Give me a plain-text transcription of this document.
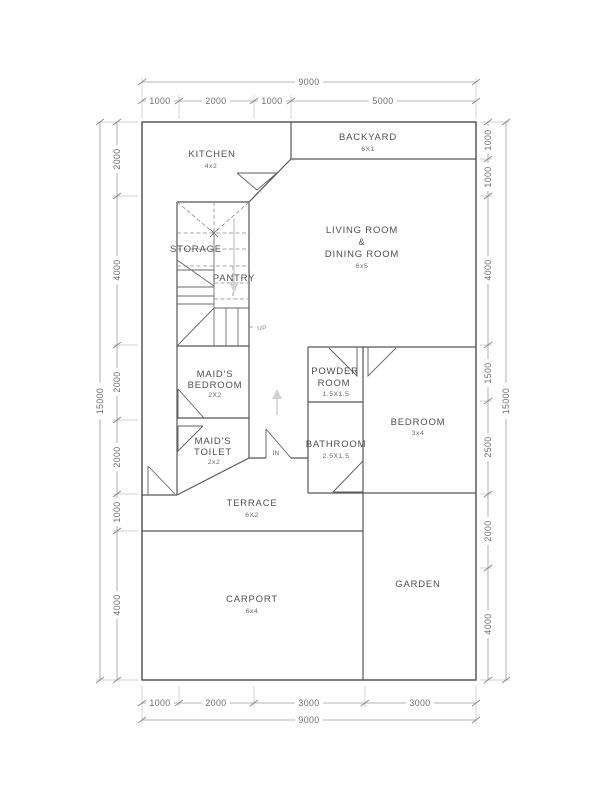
1000	2000	1000	5000
9000
1000	2000	3000	3000
9000
2000
4000
2000
2000
1000
4000
15000
1000
1000
4000
1500
2500
2000
4000
15000
KITCHEN
4x2
BACKYARD
6X1
LIVING ROOM
&
DINING ROOM
6x5
STORAGE
PANTRY
MAID'S
BEDROOM
2X2
POWDER
ROOM
1.5X1.5
BEDROOM
3x4
MAID'S
TOILET
2x2
BATHROOM
2.5X1.5
TERRACE
6X2
CARPORT
6x4
GARDEN
UP
IN
